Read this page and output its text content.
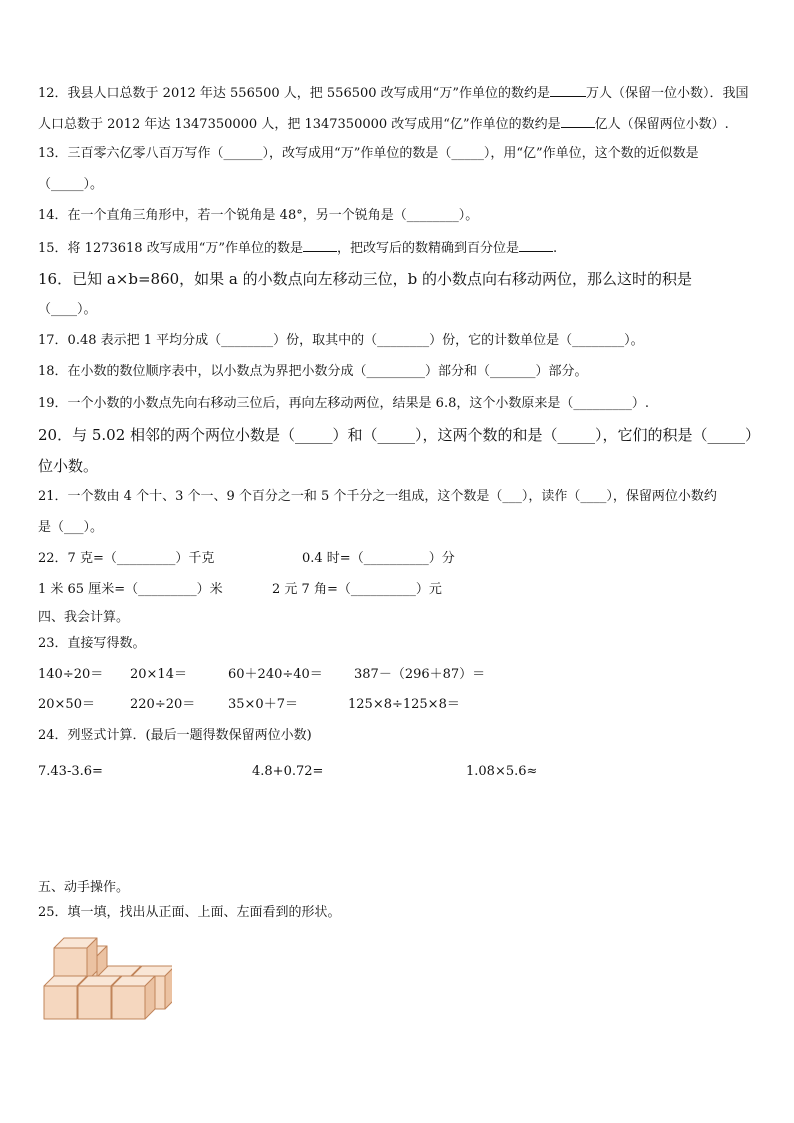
12．我县人口总数于 2012 年达 556500 人，把 556500 改写成用“万”作单位的数约是	万人（保留一位小数）．我国
人口总数于 2012 年达 1347350000 人，把 1347350000 改写成用“亿”作单位的数约是	亿人（保留两位小数）.
13．三百零六亿零八百万写作（______），改写成用“万”作单位的数是（_____），用“亿”作单位，这个数的近似数是
（_____）。
14．在一个直角三角形中，若一个锐角是 48°，另一个锐角是（________）。
15．将 1273618 改写成用“万”作单位的数是	，把改写后的数精确到百分位是	.
16．已知 a×b=860，如果 a 的小数点向左移动三位，b 的小数点向右移动两位，那么这时的积是
（____）。
17．0.48 表示把 1 平均分成（________）份，取其中的（________）份，它的计数单位是（________）。
18．在小数的数位顺序表中，以小数点为界把小数分成（_________）部分和（_______）部分。
19．一个小数的小数点先向右移动三位后，再向左移动两位，结果是 6.8，这个小数原来是（_________）.
20．与 5.02 相邻的两个两位小数是（_____）和（_____），这两个数的和是（_____），它们的积是（_____）
位小数。
21．一个数由 4 个十、3 个一、9 个百分之一和 5 个千分之一组成，这个数是（___），读作（____），保留两位小数约
是（___）。
22．7 克=（_________）千克	0.4 时=（__________）分
1 米 65 厘米=（_________）米	2 元 7 角=（__________）元
四、我会计算。
23．直接写得数。
140÷20＝ 20×14＝	60＋240÷40＝ 387－（296＋87）＝
20×50＝	220÷20＝	35×0＋7＝	125×8÷125×8＝
24．列竖式计算．(最后一题得数保留两位小数)
7.43-3.6=	4.8+0.72=	1.08×5.6≈
五、动手操作。
25．填一填，找出从正面、上面、左面看到的形状。
